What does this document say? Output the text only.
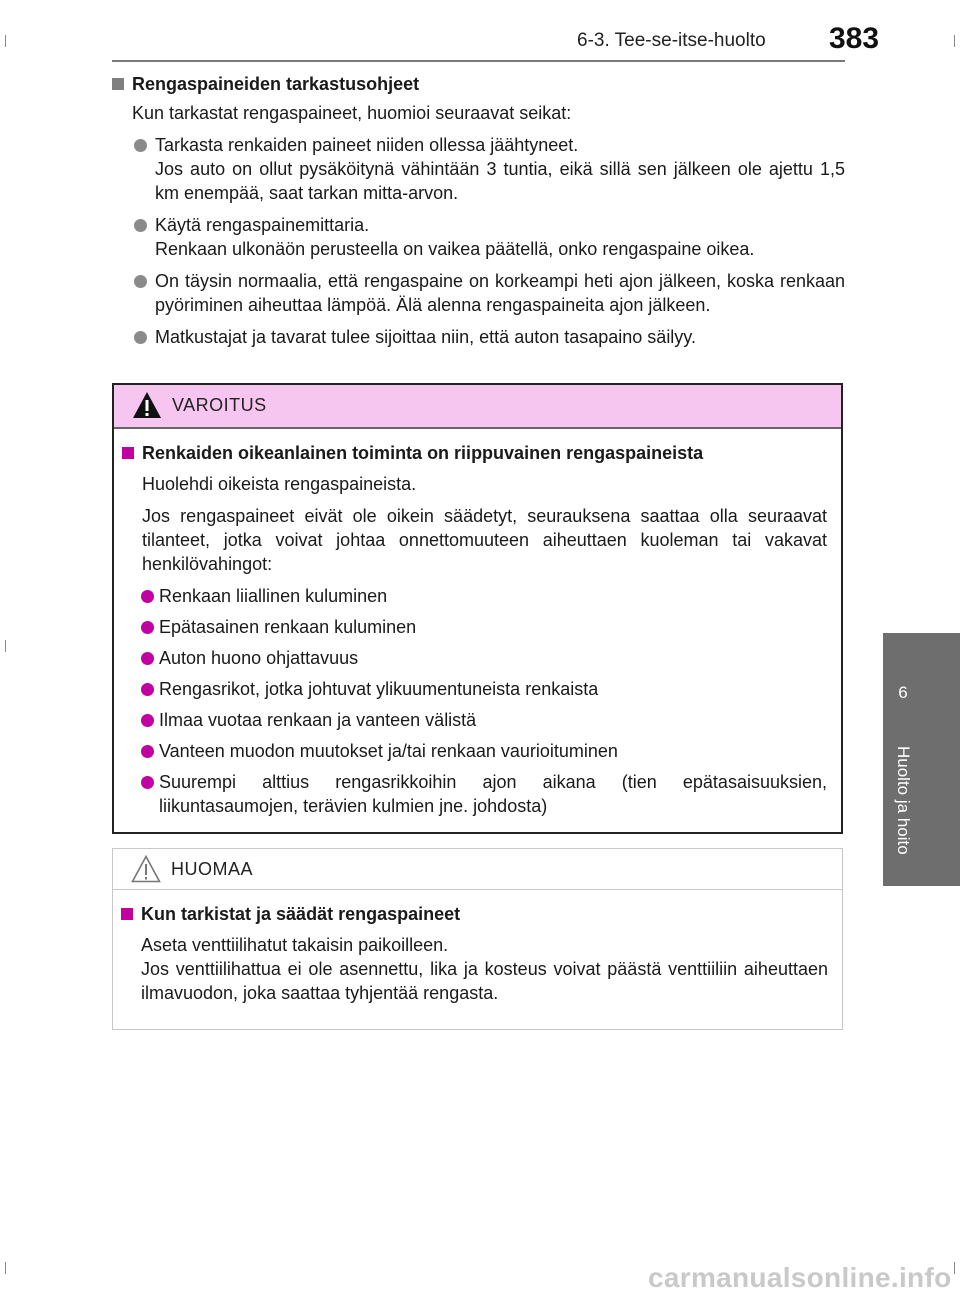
6-3. Tee-se-itse-huolto 383
6
Huolto ja hoito
Rengaspaineiden tarkastusohjeet
Kun tarkastat rengaspaineet, huomioi seuraavat seikat:
Tarkasta renkaiden paineet niiden ollessa jäähtyneet.
Jos auto on ollut pysäköitynä vähintään 3 tuntia, eikä sillä sen jälkeen ole ajettu 1,5 km enempää, saat tarkan mitta-arvon.
Käytä rengaspainemittaria.
Renkaan ulkonäön perusteella on vaikea päätellä, onko rengaspaine oikea.
On täysin normaalia, että rengaspaine on korkeampi heti ajon jälkeen, koska renkaan pyöriminen aiheuttaa lämpöä. Älä alenna rengaspaineita ajon jälkeen.
Matkustajat ja tavarat tulee sijoittaa niin, että auton tasapaino säilyy.
VAROITUS
Renkaiden oikeanlainen toiminta on riippuvainen rengaspaineista
Huolehdi oikeista rengaspaineista.
Jos rengaspaineet eivät ole oikein säädetyt, seurauksena saattaa olla seuraavat tilanteet, jotka voivat johtaa onnettomuuteen aiheuttaen kuoleman tai vakavat henkilövahingot:
Renkaan liiallinen kuluminen
Epätasainen renkaan kuluminen
Auton huono ohjattavuus
Rengasrikot, jotka johtuvat ylikuumentuneista renkaista
Ilmaa vuotaa renkaan ja vanteen välistä
Vanteen muodon muutokset ja/tai renkaan vaurioituminen
Suurempi alttius rengasrikkoihin ajon aikana (tien epätasaisuuksien, liikuntasaumojen, terävien kulmien jne. johdosta)
HUOMAA
Kun tarkistat ja säädät rengaspaineet
Aseta venttiilihatut takaisin paikoilleen.
Jos venttiilihattua ei ole asennettu, lika ja kosteus voivat päästä venttiiliin aiheuttaen ilmavuodon, joka saattaa tyhjentää rengasta.
carmanualsonline.info
